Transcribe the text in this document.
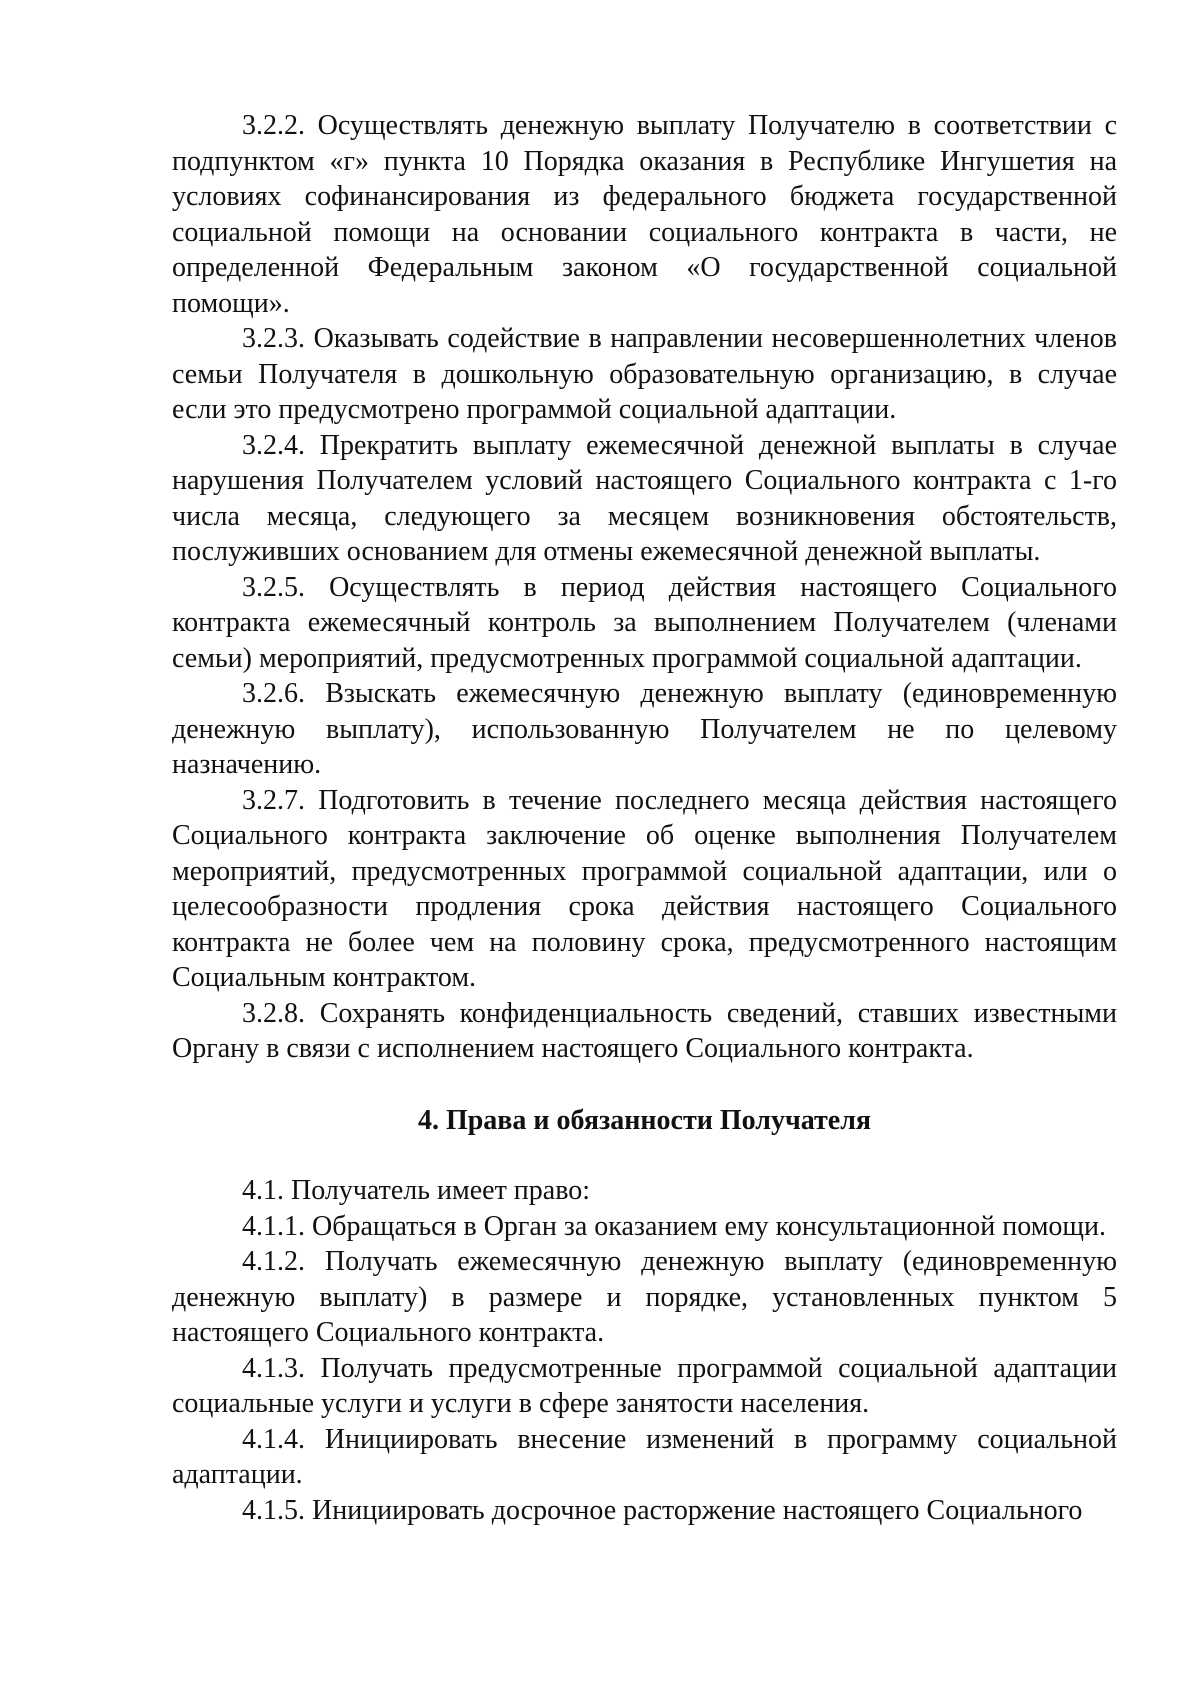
3.2.2. Осуществлять денежную выплату Получателю в соответствии с подпунктом «г» пункта 10 Порядка оказания в Республике Ингушетия на условиях софинансирования из федерального бюджета государственной социальной помощи на основании социального контракта в части, не определенной Федеральным законом «О государственной социальной помощи».

3.2.3. Оказывать содействие в направлении несовершеннолетних членов семьи Получателя в дошкольную образовательную организацию, в случае если это предусмотрено программой социальной адаптации.

3.2.4. Прекратить выплату ежемесячной денежной выплаты в случае нарушения Получателем условий настоящего Социального контракта с 1-го числа месяца, следующего за месяцем возникновения обстоятельств, послуживших основанием для отмены ежемесячной денежной выплаты.

3.2.5. Осуществлять в период действия настоящего Социального контракта ежемесячный контроль за выполнением Получателем (членами семьи) мероприятий, предусмотренных программой социальной адаптации.

3.2.6. Взыскать ежемесячную денежную выплату (единовременную денежную выплату), использованную Получателем не по целевому назначению.

3.2.7. Подготовить в течение последнего месяца действия настоящего Социального контракта заключение об оценке выполнения Получателем мероприятий, предусмотренных программой социальной адаптации, или о целесообразности продления срока действия настоящего Социального контракта не более чем на половину срока, предусмотренного настоящим Социальным контрактом.

3.2.8. Сохранять конфиденциальность сведений, ставших известными Органу в связи с исполнением настоящего Социального контракта.

4. Права и обязанности Получателя

4.1. Получатель имеет право:

4.1.1. Обращаться в Орган за оказанием ему консультационной помощи.

4.1.2. Получать ежемесячную денежную выплату (единовременную денежную выплату) в размере и порядке, установленных пунктом 5 настоящего Социального контракта.

4.1.3. Получать предусмотренные программой социальной адаптации социальные услуги и услуги в сфере занятости населения.

4.1.4. Инициировать внесение изменений в программу социальной адаптации.

4.1.5. Инициировать досрочное расторжение настоящего Социального
